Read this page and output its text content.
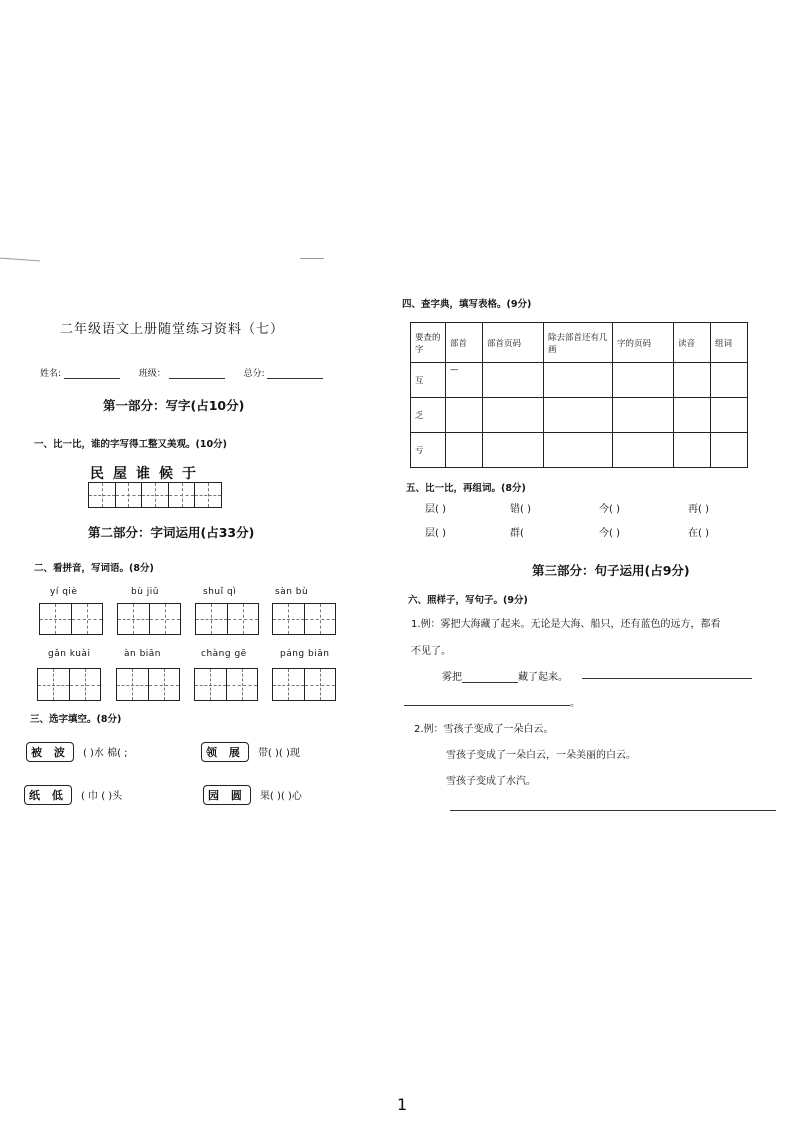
二年级语文上册随堂练习资料（七）
姓名:	班级：	总分:
第一部分：写字(占10分)
一、比一比，谁的字写得工整又美观。(10分)
民屋谁候于
第二部分：字词运用(占33分)
二、看拼音，写词语。(8分)
yí qiè	bù jiǔ	shuǐ qì	sàn bù
gǎn kuài	àn biān	chàng gē	páng biān
三、选字填空。(8分)
被 波 ( )水 棉( ;	领 展 带( )( )现
纸 低 ( 巾 ( )头	园 圆 果( )( )心
四、查字典，填写表格。(9分)
要查的字	部首	部首页码	除去部首还有几画	字的页码	读音	组词
互	—					
乏						
亏						
五、比一比，再组词。(8分)
层( )	错( )	今( )	再( )
层( )	群(	今( )	在( )
第三部分：句子运用(占9分)
六、照样子，写句子。(9分)
1.例：雾把大海藏了起来。无论是大海、船只，还有蓝色的远方，都看
不见了。
雾把	藏了起来。
。
2.例：雪孩子变成了一朵白云。
雪孩子变成了一朵白云，一朵美丽的白云。
雪孩子变成了水汽。
1
